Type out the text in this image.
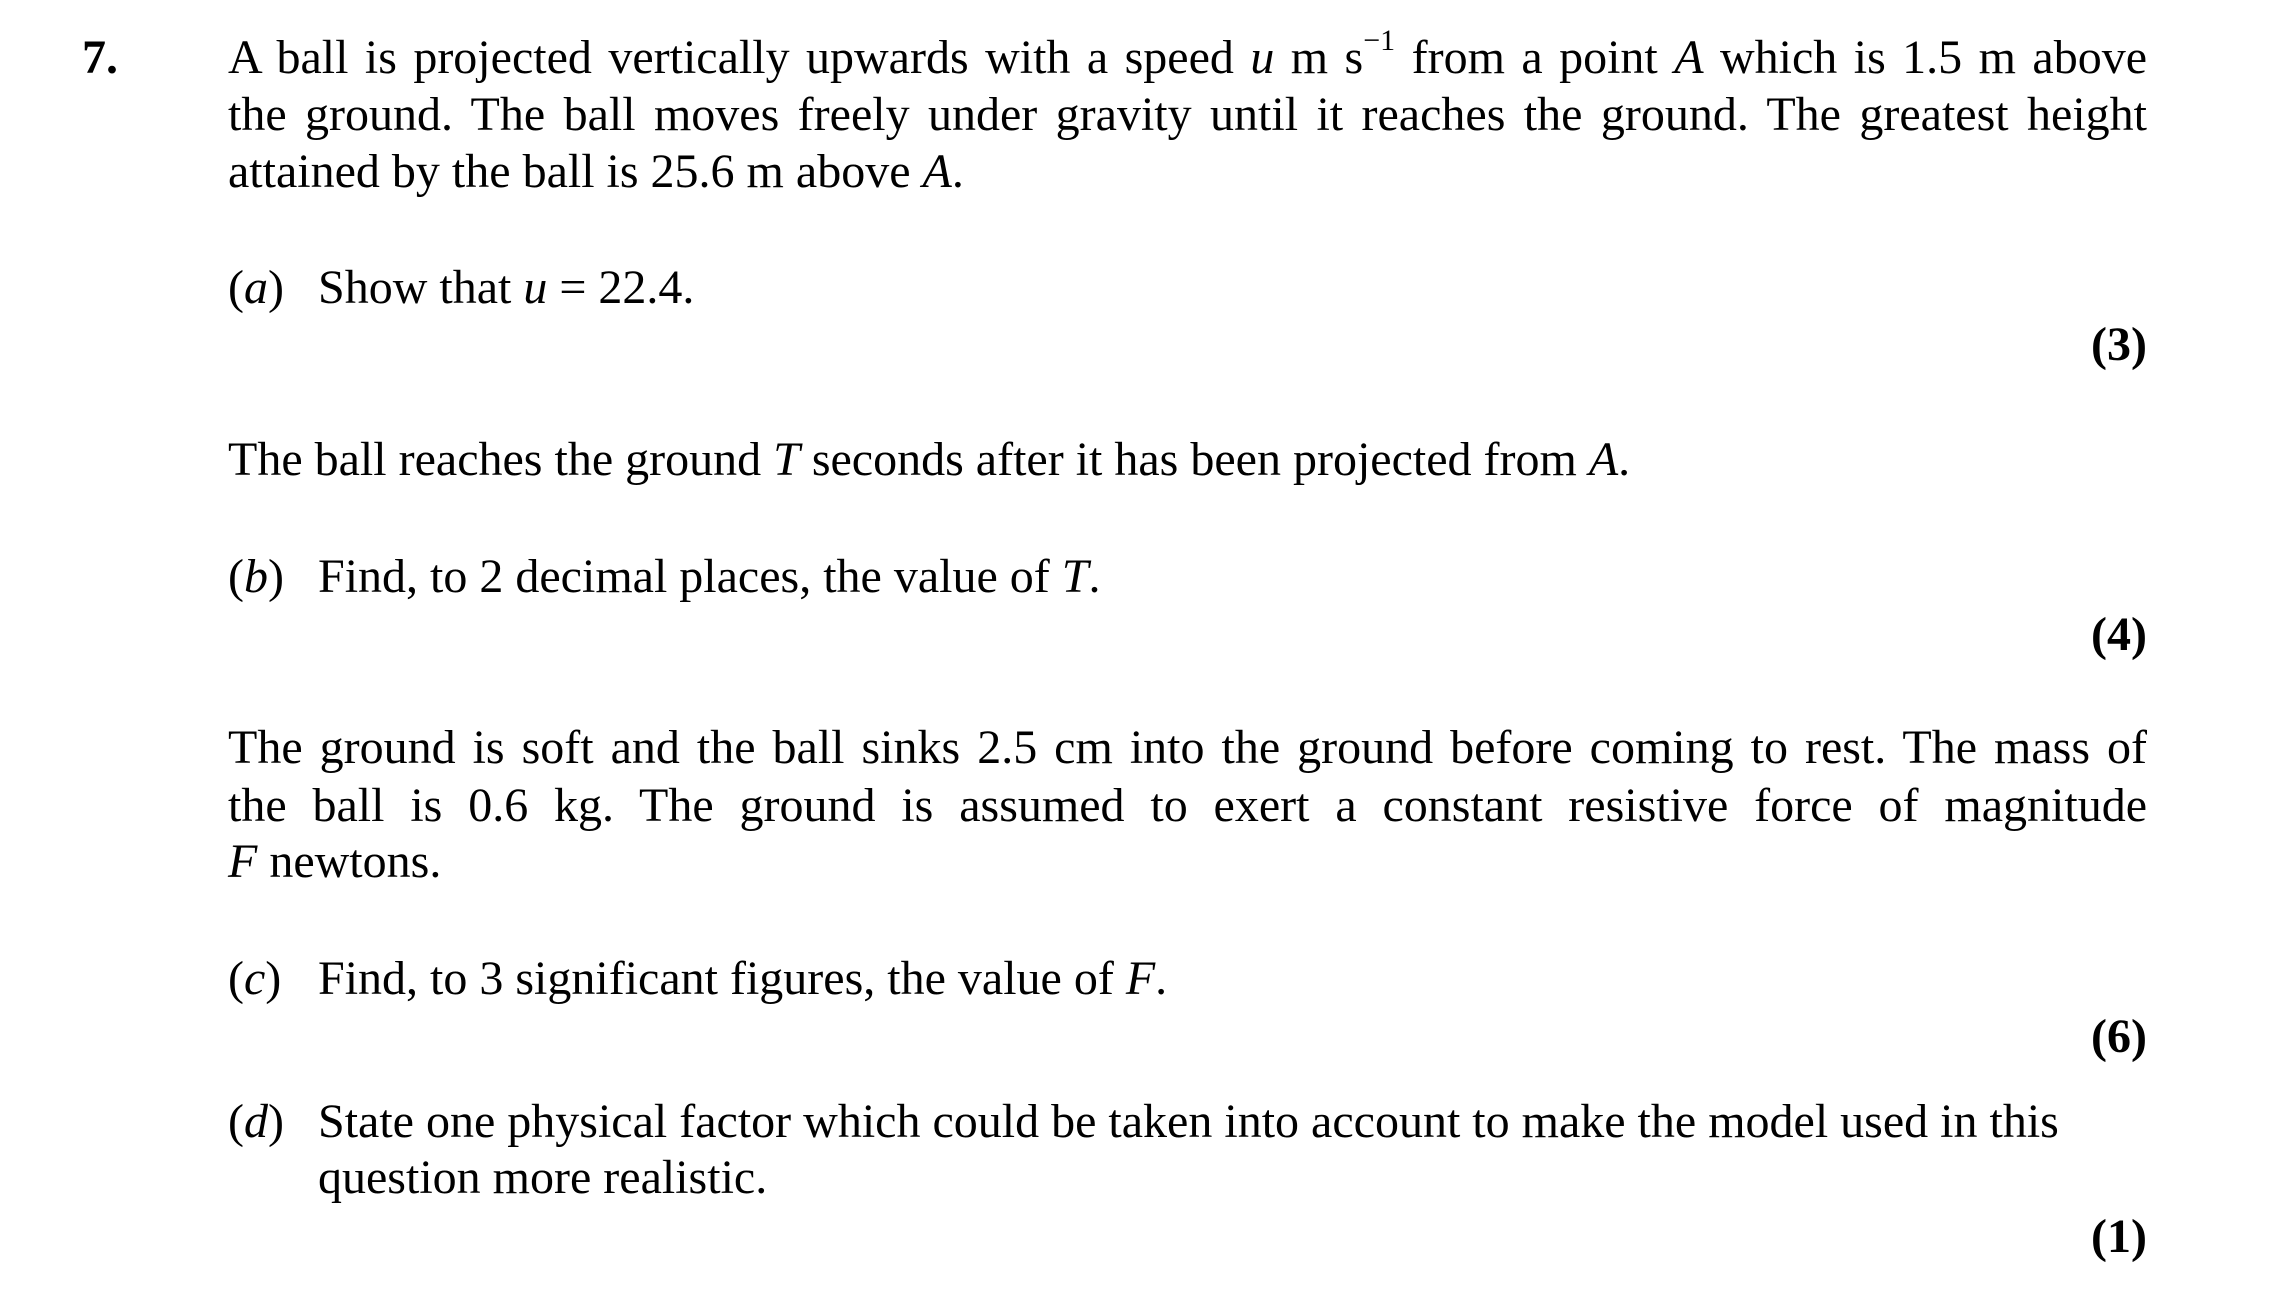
7. A ball is projected vertically upwards with a speed u m $s^{-1}$ from a point A which is 1.5 m above
the ground. The ball moves freely under gravity until it reaches the ground. The greatest height
attained by the ball is 25.6 m above A.
(a) Show that u = 22.4.
(3)
The ball reaches the ground T seconds after it has been projected from A.
(b) Find, to 2 decimal places, the value of T.
(4)
The ground is soft and the ball sinks 2.5 cm into the ground before coming to rest. The mass of
the ball is 0.6 kg. The ground is assumed to exert a constant resistive force of magnitude
F newtons.
(c) Find, to 3 significant figures, the value of F.
(6)
(d) State one physical factor which could be taken into account to make the model used in this
question more realistic.
(1)
